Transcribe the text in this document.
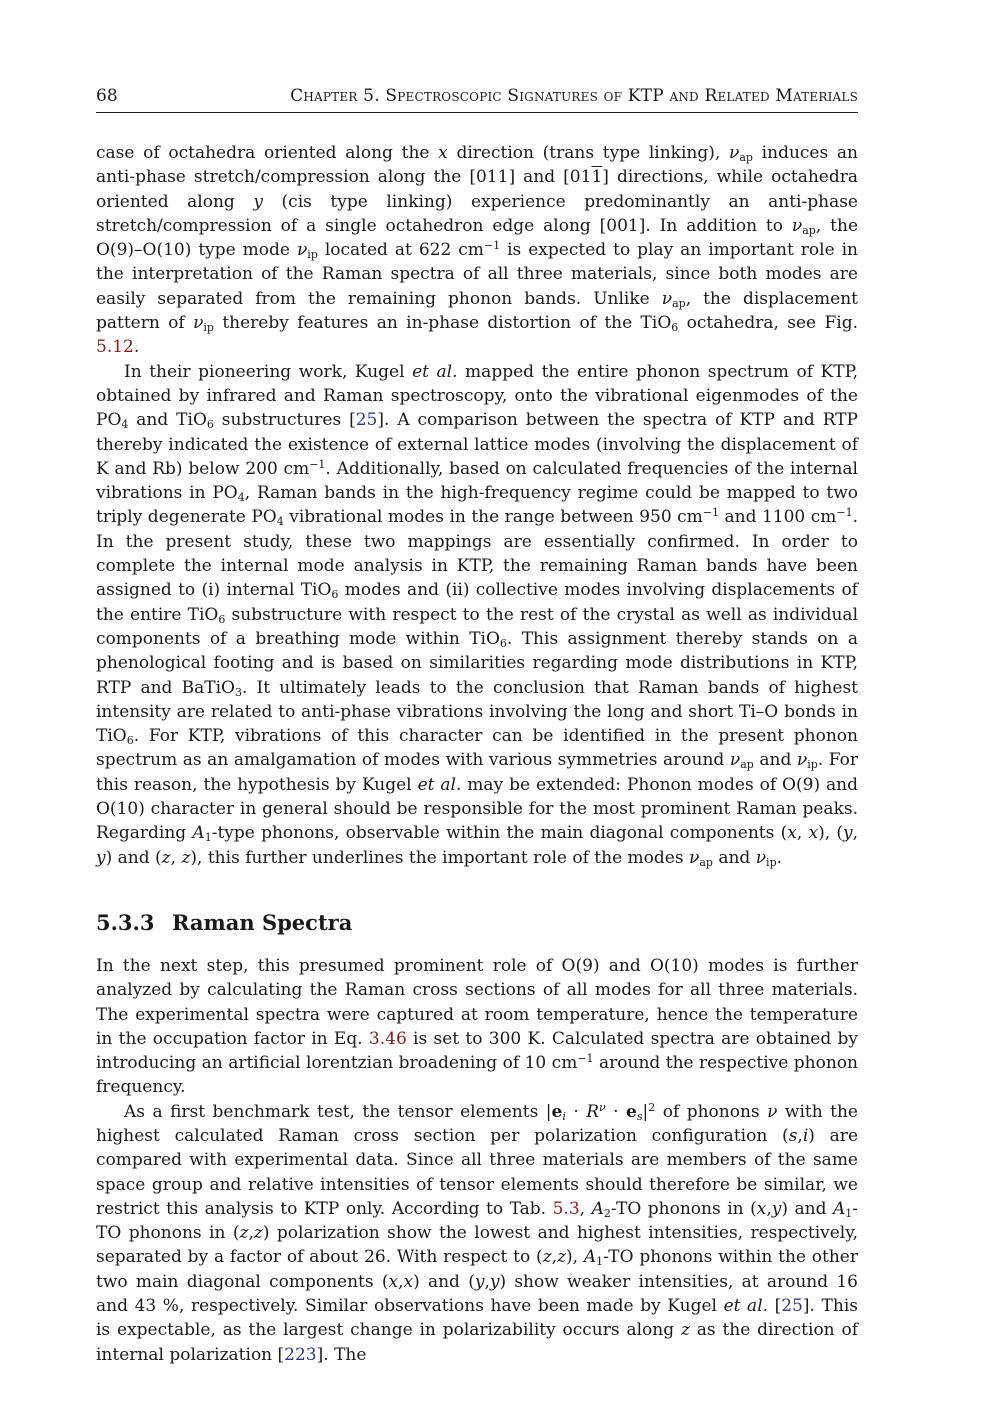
68	Chapter 5. Spectroscopic Signatures of KTP and Related Materials

case of octahedra oriented along the x direction (trans type linking), $\nu_{ap}$ induces an anti-phase stretch/compression along the [011] and [011] directions, while octahedra oriented along y (cis type linking) experience predominantly an anti-phase stretch/compression of a single octahedron edge along [001]. In addition to $\nu_{ap}$, the O(9)–O(10) type mode $\nu_{ip}$ located at 622 $cm^{-1}$ is expected to play an important role in the interpretation of the Raman spectra of all three materials, since both modes are easily separated from the remaining phonon bands. Unlike $\nu_{ap}$, the displacement pattern of $\nu_{ip}$ thereby features an in-phase distortion of the TiO$_6$ octahedra, see Fig. 5.12.

In their pioneering work, Kugel et al. mapped the entire phonon spectrum of KTP, obtained by infrared and Raman spectroscopy, onto the vibrational eigenmodes of the $PO_4$ and TiO$_6$ substructures [25]. A comparison between the spectra of KTP and RTP thereby indicated the existence of external lattice modes (involving the displacement of K and Rb) below 200 $cm^{-1}$. Additionally, based on calculated frequencies of the internal vibrations in $PO_4$, Raman bands in the high-frequency regime could be mapped to two triply degenerate $PO_4$ vibrational modes in the range between 950 $cm^{-1}$ and 1100 $cm^{-1}$. In the present study, these two mappings are essentially confirmed. In order to complete the internal mode analysis in KTP, the remaining Raman bands have been assigned to (i) internal TiO$_6$ modes and (ii) collective modes involving displacements of the entire TiO$_6$ substructure with respect to the rest of the crystal as well as individual components of a breathing mode within TiO$_6$. This assignment thereby stands on a phenological footing and is based on similarities regarding mode distributions in KTP, RTP and BaTiO$_3$. It ultimately leads to the conclusion that Raman bands of highest intensity are related to anti-phase vibrations involving the long and short Ti–O bonds in TiO$_6$. For KTP, vibrations of this character can be identified in the present phonon spectrum as an amalgamation of modes with various symmetries around $\nu_{ap}$ and $\nu_{ip}$. For this reason, the hypothesis by Kugel et al. may be extended: Phonon modes of O(9) and O(10) character in general should be responsible for the most prominent Raman peaks. Regarding $A_1$-type phonons, observable within the main diagonal components (x, x), (y, y) and (z, z), this further underlines the important role of the modes $\nu_{ap}$ and $\nu_{ip}$.

5.3.3 Raman Spectra

In the next step, this presumed prominent role of O(9) and O(10) modes is further analyzed by calculating the Raman cross sections of all modes for all three materials. The experimental spectra were captured at room temperature, hence the temperature in the occupation factor in Eq. 3.46 is set to 300 K. Calculated spectra are obtained by introducing an artificial lorentzian broadening of 10 $cm^{-1}$ around the respective phonon frequency.

As a first benchmark test, the tensor elements $|e_i \cdot R^\nu \cdot e_s|^2$ of phonons ν with the highest calculated Raman cross section per polarization configuration (s,i) are compared with experimental data. Since all three materials are members of the same space group and relative intensities of tensor elements should therefore be similar, we restrict this analysis to KTP only. According to Tab. 5.3, $A_2-TO$ phonons in (x,y) and $A_1-TO$ phonons in (z,z) polarization show the lowest and highest intensities, respectively, separated by a factor of about 26. With respect to (z,z), $A_1-TO$ phonons within the other two main diagonal components (x,x) and (y,y) show weaker intensities, at around 16 and 43 %, respectively. Similar observations have been made by Kugel et al. [25]. This is expectable, as the largest change in polarizability occurs along z as the direction of internal polarization [223]. The
